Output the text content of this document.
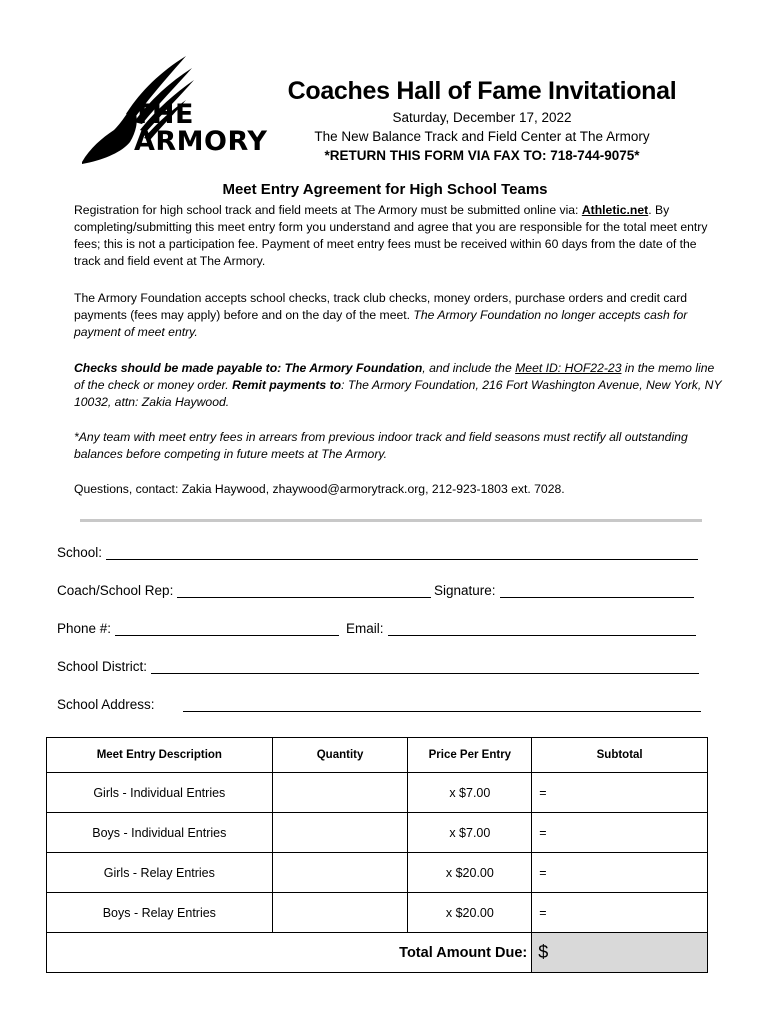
THE
ARMORY
Coaches Hall of Fame Invitational
Saturday, December 17, 2022
The New Balance Track and Field Center at The Armory
*RETURN THIS FORM VIA FAX TO: 718-744-9075*
Meet Entry Agreement for High School Teams
Registration for high school track and field meets at The Armory must be submitted online via: Athletic.net. By completing/submitting this meet entry form you understand and agree that you are responsible for the total meet entry fees; this is not a participation fee. Payment of meet entry fees must be received within 60 days from the date of the track and field event at The Armory.
The Armory Foundation accepts school checks, track club checks, money orders, purchase orders and credit card payments (fees may apply) before and on the day of the meet. The Armory Foundation no longer accepts cash for payment of meet entry.
Checks should be made payable to: The Armory Foundation, and include the Meet ID: HOF22-23 in the memo line of the check or money order. Remit payments to: The Armory Foundation, 216 Fort Washington Avenue, New York, NY 10032, attn: Zakia Haywood.
*Any team with meet entry fees in arrears from previous indoor track and field seasons must rectify all outstanding balances before competing in future meets at The Armory.
Questions, contact: Zakia Haywood, zhaywood@armorytrack.org, 212-923-1803 ext. 7028.
School:
Coach/School Rep:	Signature:
Phone #:	Email:
School District:
School Address:
Meet Entry Description	Quantity	Price Per Entry	Subtotal
Girls - Individual Entries		x $7.00	=
Boys - Individual Entries		x $7.00	=
Girls - Relay Entries		x $20.00	=
Boys - Relay Entries		x $20.00	=
Total Amount Due:			$
